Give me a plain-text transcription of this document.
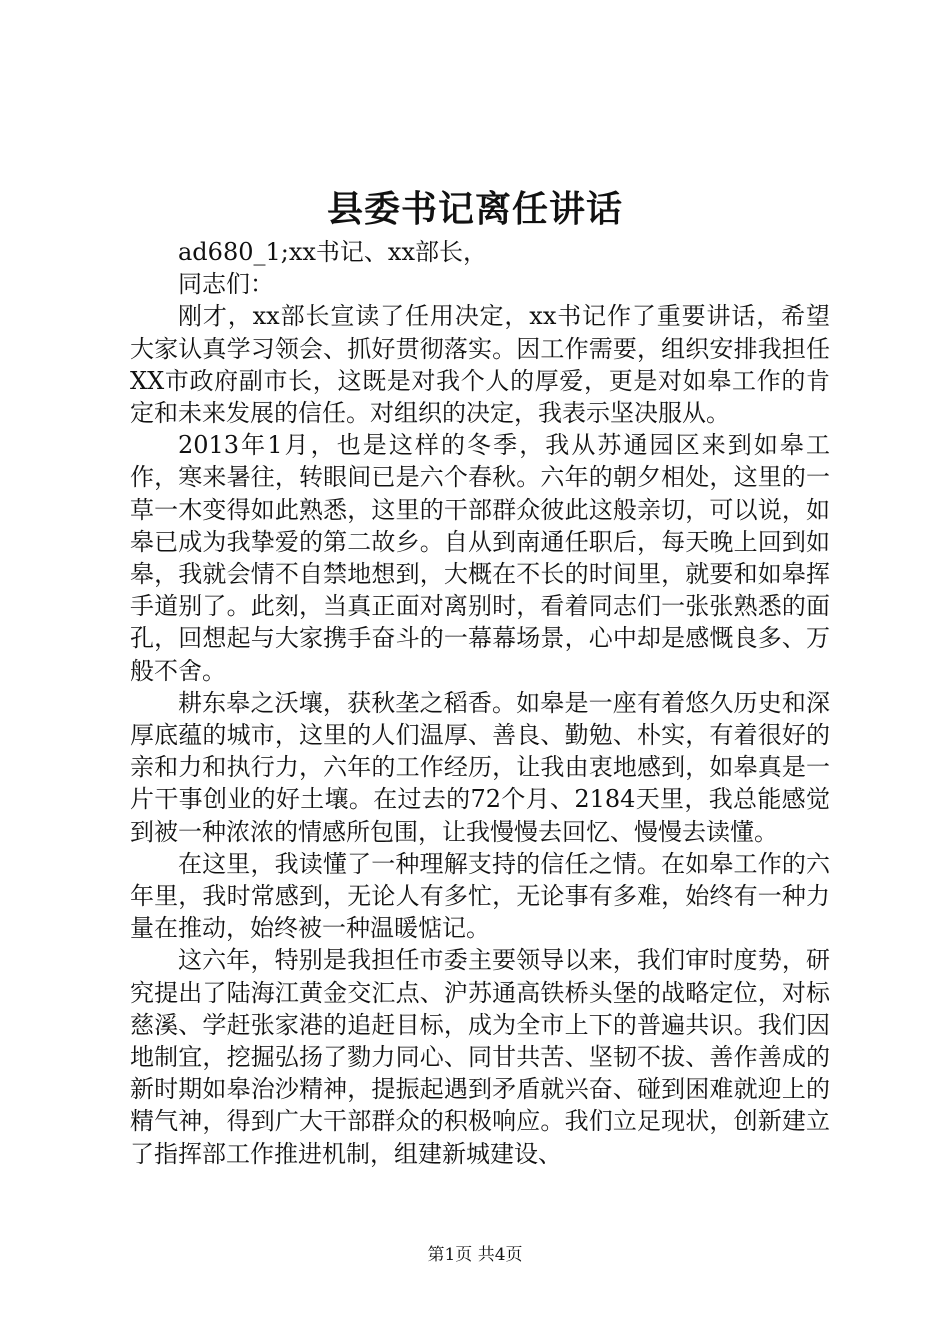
县委书记离任讲话

ad680_1;xx书记、xx部长，

同志们：

刚才，xx部长宣读了任用决定，xx书记作了重要讲话，希望大家认真学习领会、抓好贯彻落实。因工作需要，组织安排我担任XX市政府副市长，这既是对我个人的厚爱，更是对如皋工作的肯定和未来发展的信任。对组织的决定，我表示坚决服从。

2013年1月，也是这样的冬季，我从苏通园区来到如皋工作，寒来暑往，转眼间已是六个春秋。六年的朝夕相处，这里的一草一木变得如此熟悉，这里的干部群众彼此这般亲切，可以说，如皋已成为我挚爱的第二故乡。自从到南通任职后，每天晚上回到如皋，我就会情不自禁地想到，大概在不长的时间里，就要和如皋挥手道别了。此刻，当真正面对离别时，看着同志们一张张熟悉的面孔，回想起与大家携手奋斗的一幕幕场景，心中却是感慨良多、万般不舍。

耕东皋之沃壤，获秋垄之稻香。如皋是一座有着悠久历史和深厚底蕴的城市，这里的人们温厚、善良、勤勉、朴实，有着很好的亲和力和执行力，六年的工作经历，让我由衷地感到，如皋真是一片干事创业的好土壤。在过去的72个月、2184天里，我总能感觉到被一种浓浓的情感所包围，让我慢慢去回忆、慢慢去读懂。

在这里，我读懂了一种理解支持的信任之情。在如皋工作的六年里，我时常感到，无论人有多忙，无论事有多难，始终有一种力量在推动，始终被一种温暖惦记。

这六年，特别是我担任市委主要领导以来，我们审时度势，研究提出了陆海江黄金交汇点、沪苏通高铁桥头堡的战略定位，对标慈溪、学赶张家港的追赶目标，成为全市上下的普遍共识。我们因地制宜，挖掘弘扬了勠力同心、同甘共苦、坚韧不拔、善作善成的新时期如皋治沙精神，提振起遇到矛盾就兴奋、碰到困难就迎上的精气神，得到广大干部群众的积极响应。我们立足现状，创新建立了指挥部工作推进机制，组建新城建设、

第1页 共4页
